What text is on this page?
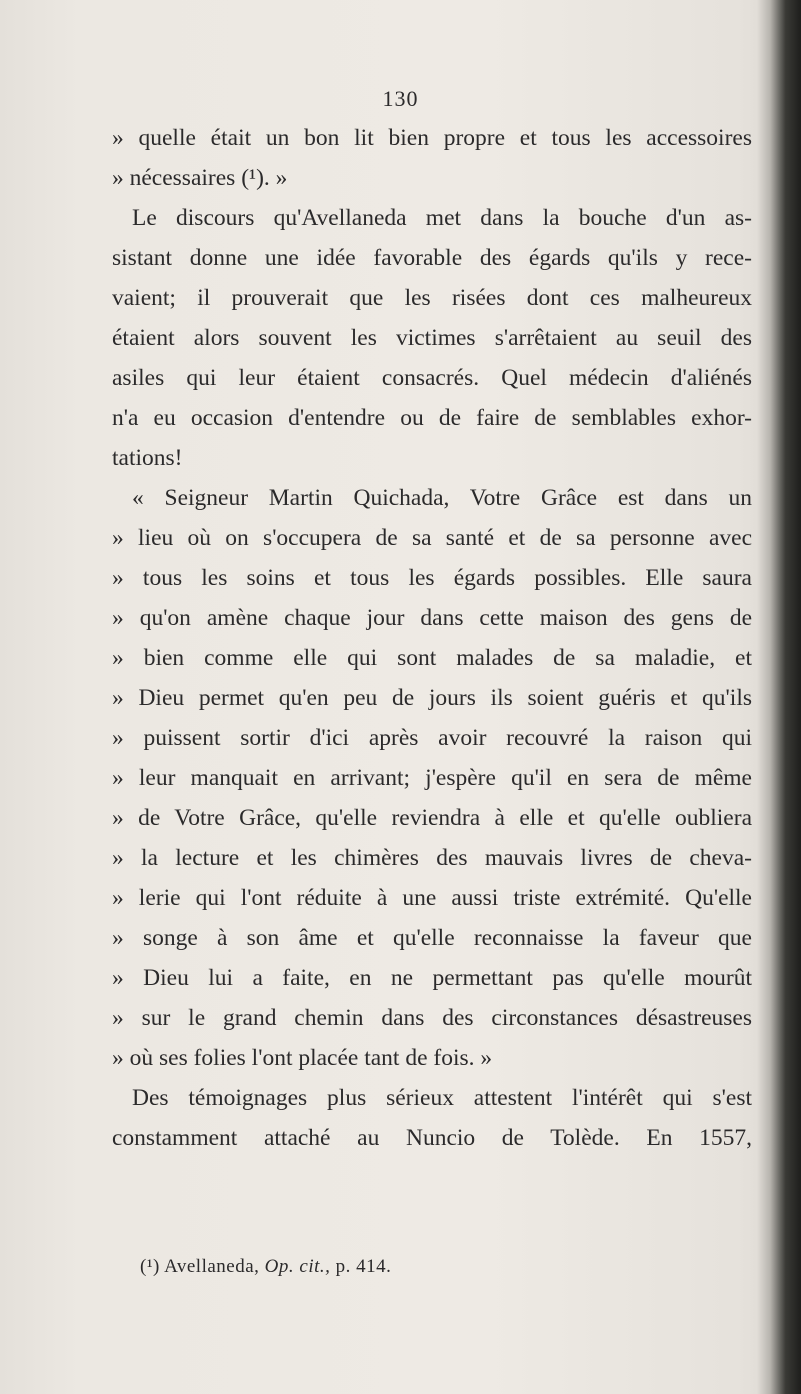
130
» quelle était un bon lit bien propre et tous les accessoires
» nécessaires (¹). »
Le discours qu'Avellaneda met dans la bouche d'un as-
sistant donne une idée favorable des égards qu'ils y rece-
vaient; il prouverait que les risées dont ces malheureux
étaient alors souvent les victimes s'arrêtaient au seuil des
asiles qui leur étaient consacrés. Quel médecin d'aliénés
n'a eu occasion d'entendre ou de faire de semblables exhor-
tations!
« Seigneur Martin Quichada, Votre Grâce est dans un
» lieu où on s'occupera de sa santé et de sa personne avec
» tous les soins et tous les égards possibles. Elle saura
» qu'on amène chaque jour dans cette maison des gens de
» bien comme elle qui sont malades de sa maladie, et
» Dieu permet qu'en peu de jours ils soient guéris et qu'ils
» puissent sortir d'ici après avoir recouvré la raison qui
» leur manquait en arrivant; j'espère qu'il en sera de même
» de Votre Grâce, qu'elle reviendra à elle et qu'elle oubliera
» la lecture et les chimères des mauvais livres de cheva-
» lerie qui l'ont réduite à une aussi triste extrémité. Qu'elle
» songe à son âme et qu'elle reconnaisse la faveur que
» Dieu lui a faite, en ne permettant pas qu'elle mourût
» sur le grand chemin dans des circonstances désastreuses
» où ses folies l'ont placée tant de fois. »
Des témoignages plus sérieux attestent l'intérêt qui s'est
constamment attaché au Nuncio de Tolède. En 1557,
(¹) Avellaneda, Op. cit., p. 414.
